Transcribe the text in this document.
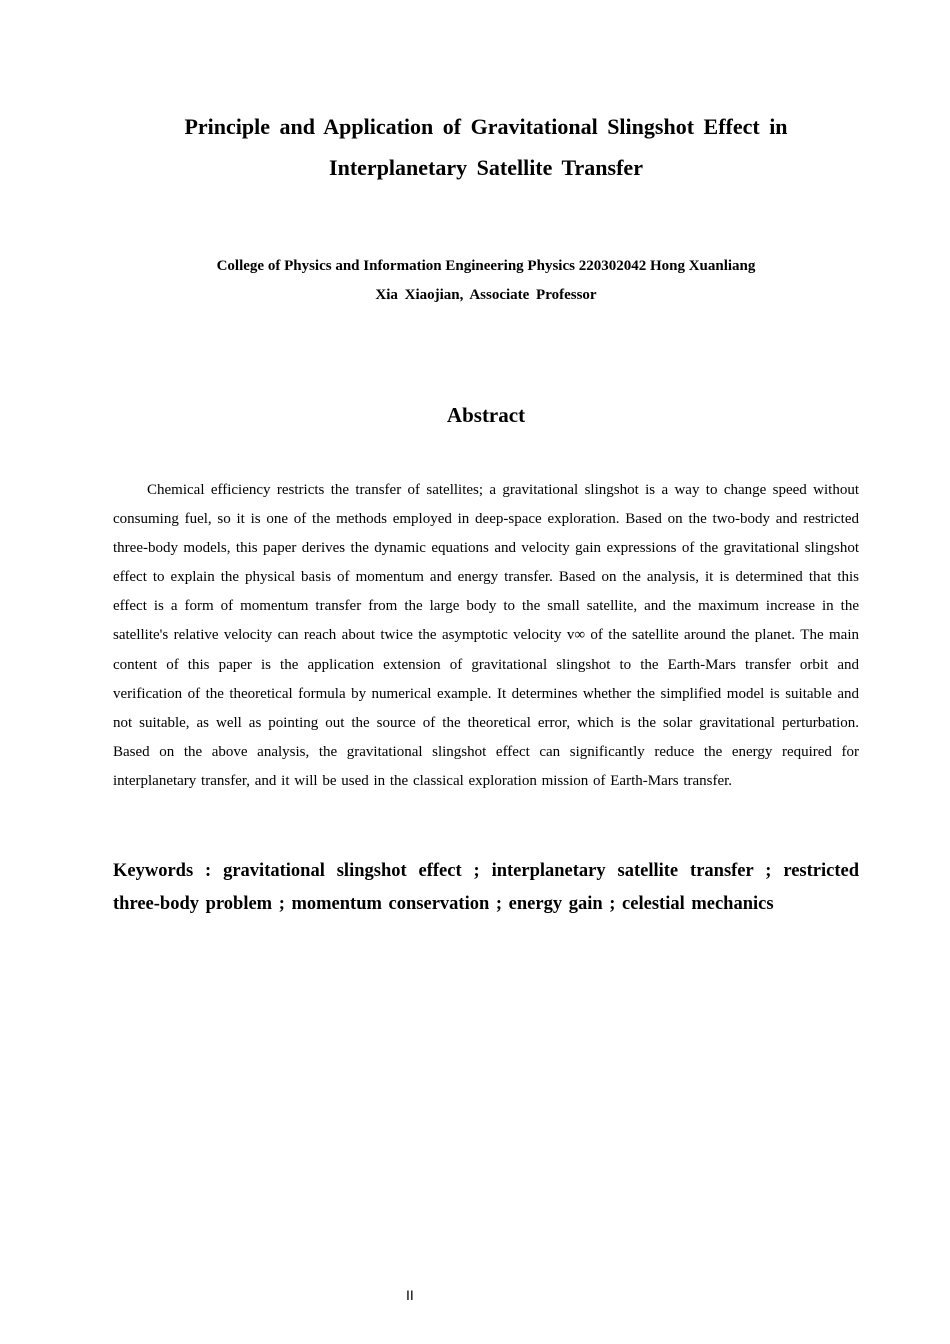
Principle and Application of Gravitational Slingshot Effect in Interplanetary Satellite Transfer
College of Physics and Information Engineering Physics 220302042 Hong Xuanliang
Xia Xiaojian, Associate Professor
Abstract

Chemical efficiency restricts the transfer of satellites; a gravitational slingshot is a way to change speed without consuming fuel, so it is one of the methods employed in deep-space exploration. Based on the two-body and restricted three-body models, this paper derives the dynamic equations and velocity gain expressions of the gravitational slingshot effect to explain the physical basis of momentum and energy transfer. Based on the analysis, it is determined that this effect is a form of momentum transfer from the large body to the small satellite, and the maximum increase in the satellite's relative velocity can reach about twice the asymptotic velocity v∞ of the satellite around the planet. The main content of this paper is the application extension of gravitational slingshot to the Earth-Mars transfer orbit and verification of the theoretical formula by numerical example. It determines whether the simplified model is suitable and not suitable, as well as pointing out the source of the theoretical error, which is the solar gravitational perturbation. Based on the above analysis, the gravitational slingshot effect can significantly reduce the energy required for interplanetary transfer, and it will be used in the classical exploration mission of Earth-Mars transfer.

Keywords : gravitational slingshot effect ; interplanetary satellite transfer ; restricted three-body problem ; momentum conservation ; energy gain ; celestial mechanics

II
